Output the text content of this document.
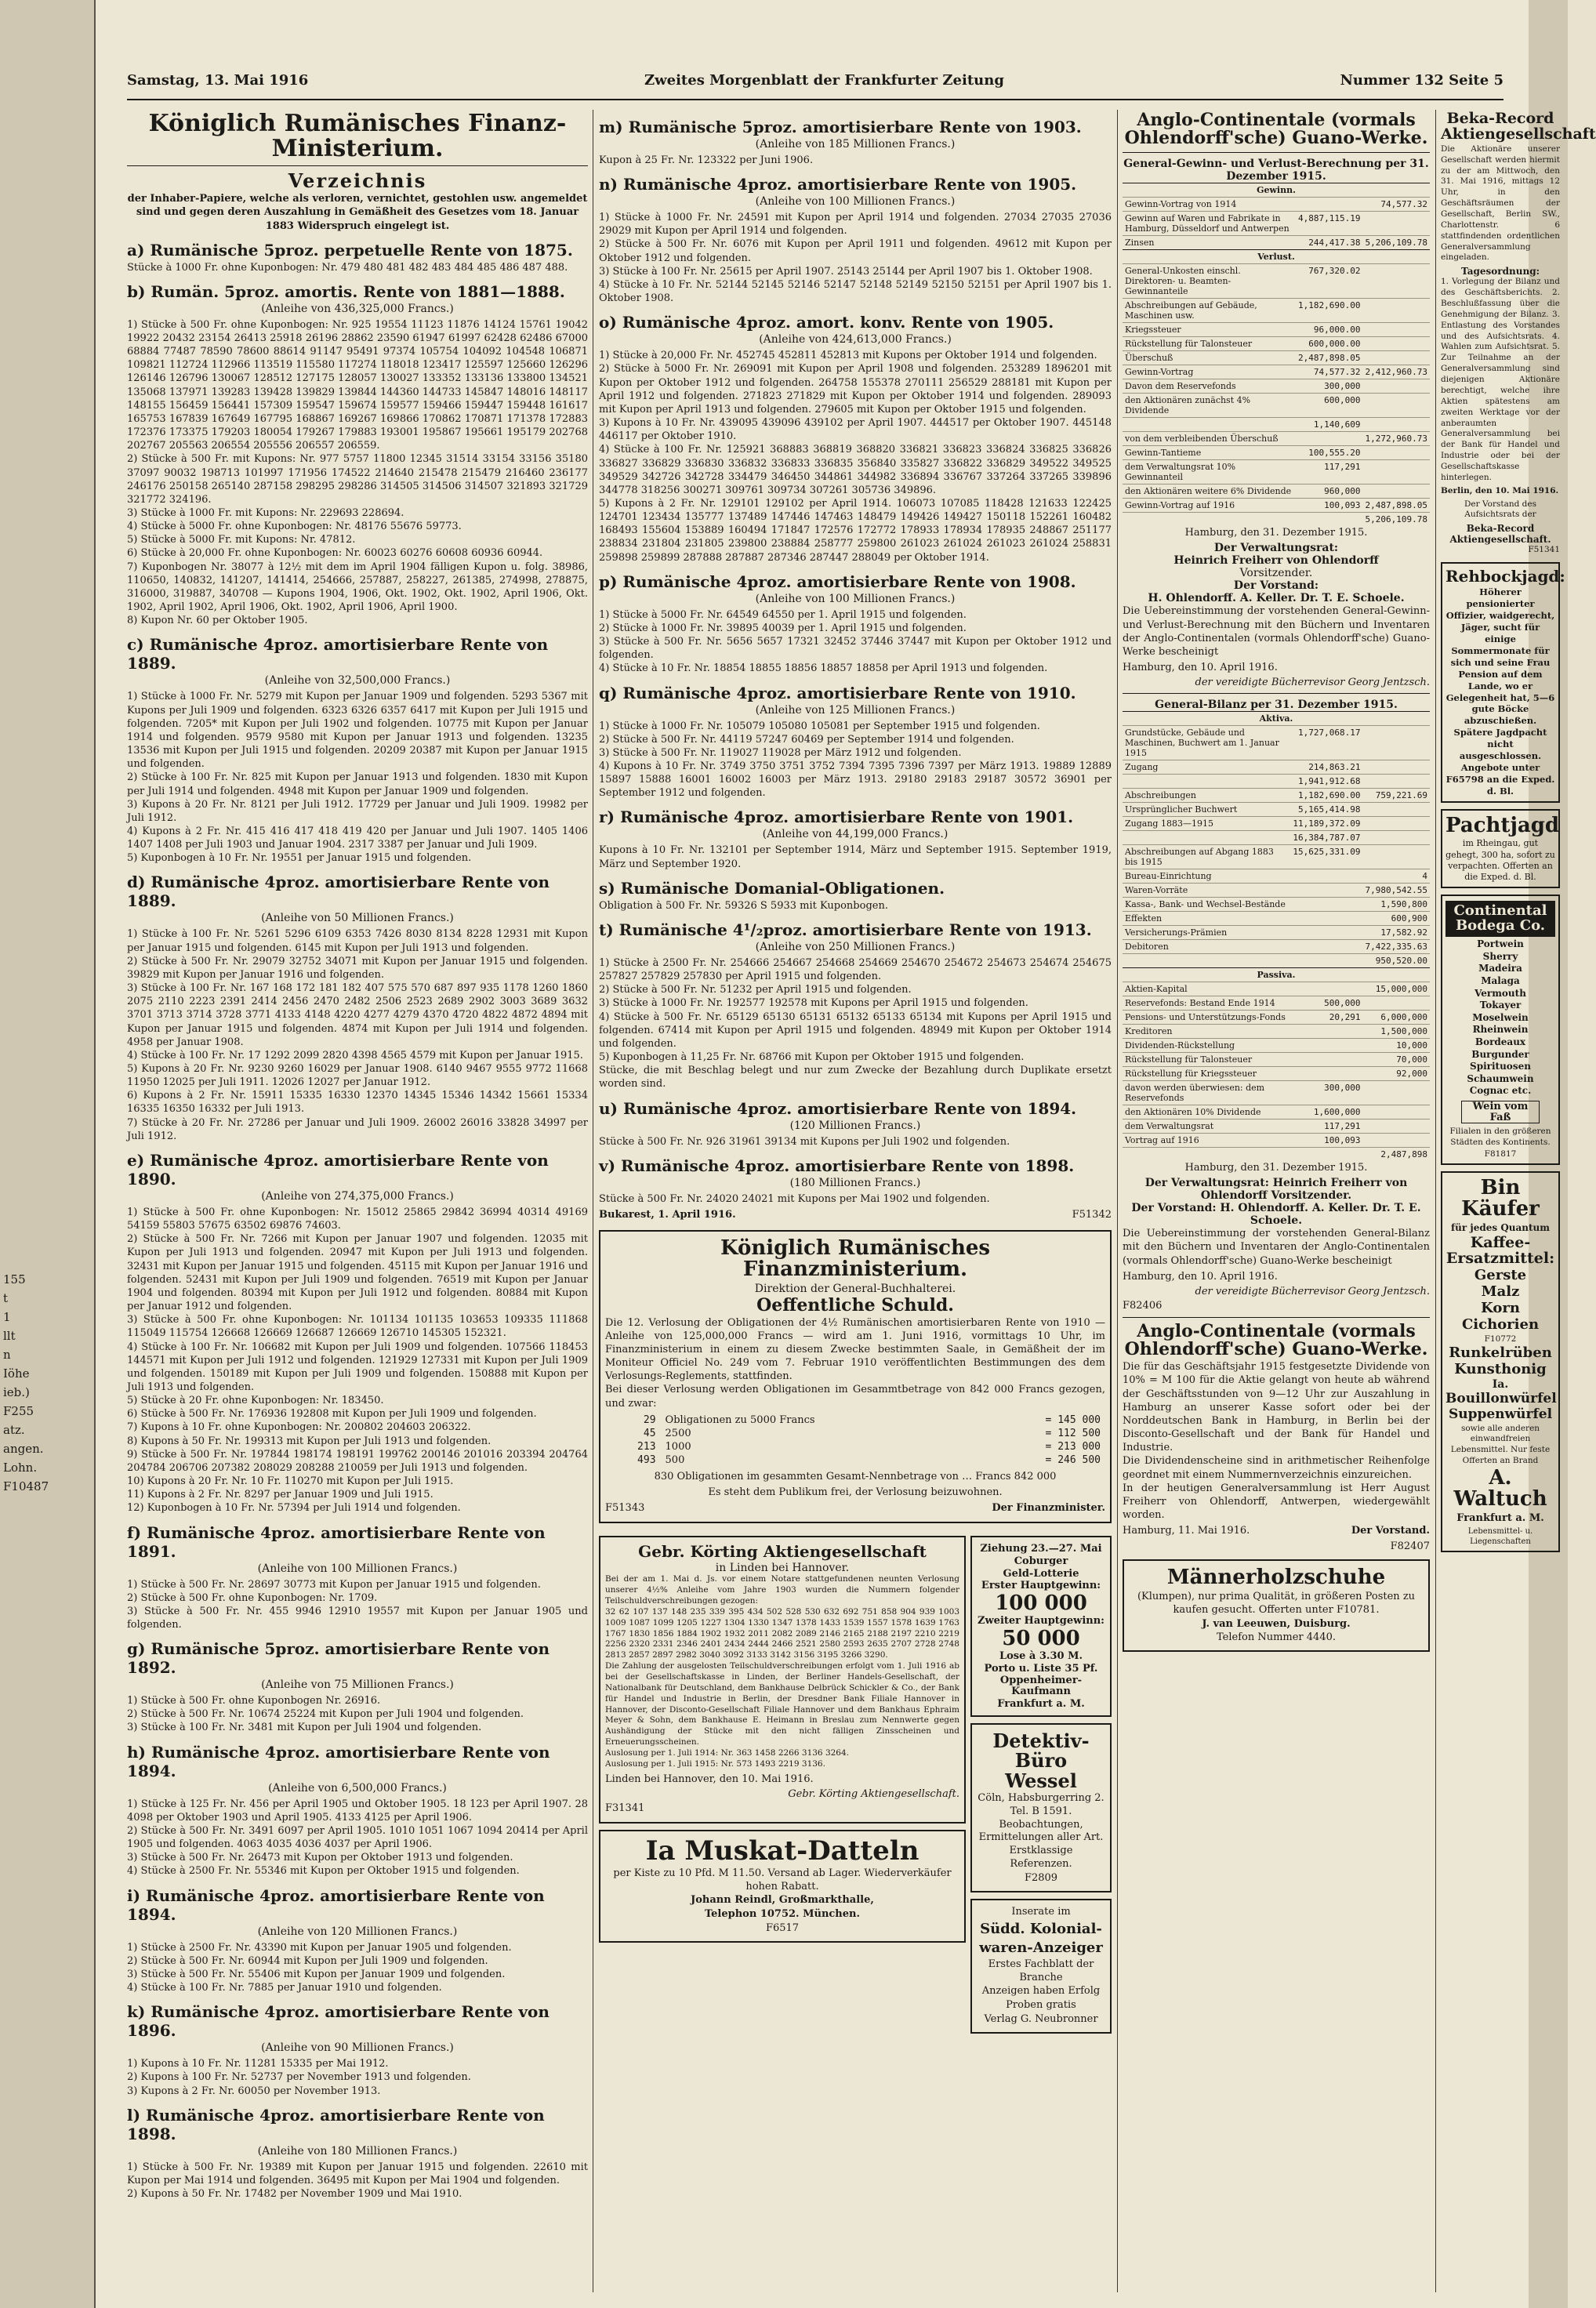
155
t
1
llt
n
Iöhe
ieb.)
F255
atz.
angen.
Lohn.
F10487
Samstag, 13. Mai 1916	Zweites Morgenblatt der Frankfurter Zeitung	Nummer 132 Seite 5
Königlich Rumänisches Finanz-Ministerium.
Verzeichnis

der Inhaber-Papiere, welche als verloren, vernichtet, gestohlen usw. angemeldet sind und gegen deren Auszahlung in Gemäßheit des Gesetzes vom 18. Januar 1883 Widerspruch eingelegt ist.

a) Rumänische 5proz. perpetuelle Rente von 1875.

Stücke à 1000 Fr. ohne Kuponbogen: Nr. 479 480 481 482 483 484 485 486 487 488.

b) Rumän. 5proz. amortis. Rente von 1881—1888.

(Anleihe von 436,325,000 Francs.)

1) Stücke à 500 Fr. ohne Kuponbogen: Nr. 925 19554 11123 11876 14124 15761 19042 19922 20432 23154 26413 25918 26196 28862 23590 61947 61997 62428 62486 67000 68884 77487 78590 78600 88614 91147 95491 97374 105754 104092 104548 106871 109821 112724 112966 113519 115580 117274 118018 123417 125597 125660 126296 126146 126796 130067 128512 127175 128057 130027 133352 133136 133800 134521 135068 137971 139283 139428 139829 139844 144360 144733 145847 148016 148117 148155 156459 156441 157309 159547 159674 159577 159466 159447 159448 161617 165753 167839 167649 167795 168867 169267 169866 170862 170871 171378 172883 172376 173375 179203 180054 179267 179883 193001 195867 195661 195179 202768 202767 205563 206554 205556 206557 206559.
2) Stücke à 500 Fr. mit Kupons: Nr. 977 5757 11800 12345 31514 33154 33156 35180 37097 90032 198713 101997 171956 174522 214640 215478 215479 216460 236177 246176 250158 265140 287158 298295 298286 314505 314506 314507 321893 321729 321772 324196.
3) Stücke à 1000 Fr. mit Kupons: Nr. 229693 228694.
4) Stücke à 5000 Fr. ohne Kuponbogen: Nr. 48176 55676 59773.
5) Stücke à 5000 Fr. mit Kupons: Nr. 47812.
6) Stücke à 20,000 Fr. ohne Kuponbogen: Nr. 60023 60276 60608 60936 60944.
7) Kuponbogen Nr. 38077 à 12½ mit dem im April 1904 fälligen Kupon u. folg. 38986, 110650, 140832, 141207, 141414, 254666, 257887, 258227, 261385, 274998, 278875, 316000, 319887, 340708 — Kupons 1904, 1906, Okt. 1902, Okt. 1902, April 1906, Okt. 1902, April 1902, April 1906, Okt. 1902, April 1906, April 1900.
8) Kupon Nr. 60 per Oktober 1905.

c) Rumänische 4proz. amortisierbare Rente von 1889.

(Anleihe von 32,500,000 Francs.)

1) Stücke à 1000 Fr. Nr. 5279 mit Kupon per Januar 1909 und folgenden. 5293 5367 mit Kupons per Juli 1909 und folgenden. 6323 6326 6357 6417 mit Kupon per Juli 1915 und folgenden. 7205* mit Kupon per Juli 1902 und folgenden. 10775 mit Kupon per Januar 1914 und folgenden. 9579 9580 mit Kupon per Januar 1913 und folgenden. 13235 13536 mit Kupon per Juli 1915 und folgenden. 20209 20387 mit Kupon per Januar 1915 und folgenden.
2) Stücke à 100 Fr. Nr. 825 mit Kupon per Januar 1913 und folgenden. 1830 mit Kupon per Juli 1914 und folgenden. 4948 mit Kupon per Januar 1909 und folgenden.
3) Kupons à 20 Fr. Nr. 8121 per Juli 1912. 17729 per Januar und Juli 1909. 19982 per Juli 1912.
4) Kupons à 2 Fr. Nr. 415 416 417 418 419 420 per Januar und Juli 1907. 1405 1406 1407 1408 per Juli 1903 und Januar 1904. 2317 3387 per Januar und Juli 1909.
5) Kuponbogen à 10 Fr. Nr. 19551 per Januar 1915 und folgenden.

d) Rumänische 4proz. amortisierbare Rente von 1889.

(Anleihe von 50 Millionen Francs.)

1) Stücke à 100 Fr. Nr. 5261 5296 6109 6353 7426 8030 8134 8228 12931 mit Kupon per Januar 1915 und folgenden. 6145 mit Kupon per Juli 1913 und folgenden.
2) Stücke à 500 Fr. Nr. 29079 32752 34071 mit Kupon per Januar 1915 und folgenden. 39829 mit Kupon per Januar 1916 und folgenden.
3) Stücke à 100 Fr. Nr. 167 168 172 181 182 407 575 570 687 897 935 1178 1260 1860 2075 2110 2223 2391 2414 2456 2470 2482 2506 2523 2689 2902 3003 3689 3632 3701 3713 3714 3728 3771 4133 4148 4220 4277 4279 4370 4720 4822 4872 4894 mit Kupon per Januar 1915 und folgenden. 4874 mit Kupon per Juli 1914 und folgenden. 4958 per Januar 1908.
4) Stücke à 100 Fr. Nr. 17 1292 2099 2820 4398 4565 4579 mit Kupon per Januar 1915.
5) Kupons à 20 Fr. Nr. 9230 9260 16029 per Januar 1908. 6140 9467 9555 9772 11668 11950 12025 per Juli 1911. 12026 12027 per Januar 1912.
6) Kupons à 2 Fr. Nr. 15911 15335 16330 12370 14345 15346 14342 15661 15334 16335 16350 16332 per Juli 1913.
7) Stücke à 20 Fr. Nr. 27286 per Januar und Juli 1909. 26002 26016 33828 34997 per Juli 1912.

e) Rumänische 4proz. amortisierbare Rente von 1890.

(Anleihe von 274,375,000 Francs.)

1) Stücke à 500 Fr. ohne Kuponbogen: Nr. 15012 25865 29842 36994 40314 49169 54159 55803 57675 63502 69876 74603.
2) Stücke à 500 Fr. Nr. 7266 mit Kupon per Januar 1907 und folgenden. 12035 mit Kupon per Juli 1913 und folgenden. 20947 mit Kupon per Juli 1913 und folgenden. 32431 mit Kupon per Januar 1915 und folgenden. 45115 mit Kupon per Januar 1916 und folgenden. 52431 mit Kupon per Juli 1909 und folgenden. 76519 mit Kupon per Januar 1904 und folgenden. 80394 mit Kupon per Juli 1912 und folgenden. 80884 mit Kupon per Januar 1912 und folgenden.
3) Stücke à 500 Fr. ohne Kuponbogen: Nr. 101134 101135 103653 109335 111868 115049 115754 126668 126669 126687 126669 126710 145305 152321.
4) Stücke à 100 Fr. Nr. 106682 mit Kupon per Juli 1909 und folgenden. 107566 118453 144571 mit Kupon per Juli 1912 und folgenden. 121929 127331 mit Kupon per Juli 1909 und folgenden. 150189 mit Kupon per Juli 1909 und folgenden. 150888 mit Kupon per Juli 1913 und folgenden.
5) Stücke à 20 Fr. ohne Kuponbogen: Nr. 183450.
6) Stücke à 500 Fr. Nr. 176936 192808 mit Kupon per Juli 1909 und folgenden.
7) Kupons à 10 Fr. ohne Kuponbogen: Nr. 200802 204603 206322.
8) Kupons à 50 Fr. Nr. 199313 mit Kupon per Juli 1913 und folgenden.
9) Stücke à 500 Fr. Nr. 197844 198174 198191 199762 200146 201016 203394 204764 204784 206706 207382 208029 208288 210059 per Juli 1913 und folgenden.
10) Kupons à 20 Fr. Nr. 10 Fr. 110270 mit Kupon per Juli 1915.
11) Kupons à 2 Fr. Nr. 8297 per Januar 1909 und Juli 1915.
12) Kuponbogen à 10 Fr. Nr. 57394 per Juli 1914 und folgenden.

f) Rumänische 4proz. amortisierbare Rente von 1891.

(Anleihe von 100 Millionen Francs.)

1) Stücke à 500 Fr. Nr. 28697 30773 mit Kupon per Januar 1915 und folgenden.
2) Stücke à 500 Fr. ohne Kuponbogen: Nr. 1709.
3) Stücke à 500 Fr. Nr. 455 9946 12910 19557 mit Kupon per Januar 1905 und folgenden.

g) Rumänische 5proz. amortisierbare Rente von 1892.

(Anleihe von 75 Millionen Francs.)

1) Stücke à 500 Fr. ohne Kuponbogen Nr. 26916.
2) Stücke à 500 Fr. Nr. 10674 25224 mit Kupon per Juli 1904 und folgenden.
3) Stücke à 100 Fr. Nr. 3481 mit Kupon per Juli 1904 und folgenden.

h) Rumänische 4proz. amortisierbare Rente von 1894.

(Anleihe von 6,500,000 Francs.)

1) Stücke à 125 Fr. Nr. 456 per April 1905 und Oktober 1905. 18 123 per April 1907. 28 4098 per Oktober 1903 und April 1905. 4133 4125 per April 1906.
2) Stücke à 500 Fr. Nr. 3491 6097 per April 1905. 1010 1051 1067 1094 20414 per April 1905 und folgenden. 4063 4035 4036 4037 per April 1906.
3) Stücke à 500 Fr. Nr. 26473 mit Kupon per Oktober 1913 und folgenden.
4) Stücke à 2500 Fr. Nr. 55346 mit Kupon per Oktober 1915 und folgenden.

i) Rumänische 4proz. amortisierbare Rente von 1894.

(Anleihe von 120 Millionen Francs.)

1) Stücke à 2500 Fr. Nr. 43390 mit Kupon per Januar 1905 und folgenden.
2) Stücke à 500 Fr. Nr. 60944 mit Kupon per Juli 1909 und folgenden.
3) Stücke à 500 Fr. Nr. 55406 mit Kupon per Januar 1909 und folgenden.
4) Stücke à 100 Fr. Nr. 7885 per Januar 1910 und folgenden.

k) Rumänische 4proz. amortisierbare Rente von 1896.

(Anleihe von 90 Millionen Francs.)

1) Kupons à 10 Fr. Nr. 11281 15335 per Mai 1912.
2) Kupons à 100 Fr. Nr. 52737 per November 1913 und folgenden.
3) Kupons à 2 Fr. Nr. 60050 per November 1913.

l) Rumänische 4proz. amortisierbare Rente von 1898.

(Anleihe von 180 Millionen Francs.)

1) Stücke à 500 Fr. Nr. 19389 mit Kupon per Januar 1915 und folgenden. 22610 mit Kupon per Mai 1914 und folgenden. 36495 mit Kupon per Mai 1904 und folgenden.
2) Kupons à 50 Fr. Nr. 17482 per November 1909 und Mai 1910.

m) Rumänische 5proz. amortisierbare Rente von 1903.

(Anleihe von 185 Millionen Francs.)

Kupon à 25 Fr. Nr. 123322 per Juni 1906.

n) Rumänische 4proz. amortisierbare Rente von 1905.

(Anleihe von 100 Millionen Francs.)

1) Stücke à 1000 Fr. Nr. 24591 mit Kupon per April 1914 und folgenden. 27034 27035 27036 29029 mit Kupon per April 1914 und folgenden.
2) Stücke à 500 Fr. Nr. 6076 mit Kupon per April 1911 und folgenden. 49612 mit Kupon per Oktober 1912 und folgenden.
3) Stücke à 100 Fr. Nr. 25615 per April 1907. 25143 25144 per April 1907 bis 1. Oktober 1908.
4) Stücke à 10 Fr. Nr. 52144 52145 52146 52147 52148 52149 52150 52151 per April 1907 bis 1. Oktober 1908.

o) Rumänische 4proz. amort. konv. Rente von 1905.

(Anleihe von 424,613,000 Francs.)

1) Stücke à 20,000 Fr. Nr. 452745 452811 452813 mit Kupons per Oktober 1914 und folgenden.
2) Stücke à 5000 Fr. Nr. 269091 mit Kupon per April 1908 und folgenden. 253289 1896201 mit Kupon per Oktober 1912 und folgenden. 264758 155378 270111 256529 288181 mit Kupon per April 1912 und folgenden. 271823 271829 mit Kupon per Oktober 1914 und folgenden. 289093 mit Kupon per April 1913 und folgenden. 279605 mit Kupon per Oktober 1915 und folgenden.
3) Kupons à 10 Fr. Nr. 439095 439096 439102 per April 1907. 444517 per Oktober 1907. 445148 446117 per Oktober 1910.
4) Stücke à 100 Fr. Nr. 125921 368883 368819 368820 336821 336823 336824 336825 336826 336827 336829 336830 336832 336833 336835 356840 335827 336822 336829 349522 349525 349529 342726 342728 334479 346450 344861 344982 336894 336767 337264 337265 339896 344778 318256 300271 309761 309734 307261 305736 349896.
5) Kupons à 2 Fr. Nr. 129101 129102 per April 1914. 106073 107085 118428 121633 122425 124701 123434 135777 137489 147446 147463 148479 149426 149427 150118 152261 160482 168493 155604 153889 160494 171847 172576 172772 178933 178934 178935 248867 251177 238834 231804 231805 239800 238884 258777 259800 261023 261024 261023 261024 258831 259898 259899 287888 287887 287346 287447 288049 per Oktober 1914.

p) Rumänische 4proz. amortisierbare Rente von 1908.

(Anleihe von 100 Millionen Francs.)

1) Stücke à 5000 Fr. Nr. 64549 64550 per 1. April 1915 und folgenden.
2) Stücke à 1000 Fr. Nr. 39895 40039 per 1. April 1915 und folgenden.
3) Stücke à 500 Fr. Nr. 5656 5657 17321 32452 37446 37447 mit Kupon per Oktober 1912 und folgenden.
4) Stücke à 10 Fr. Nr. 18854 18855 18856 18857 18858 per April 1913 und folgenden.

q) Rumänische 4proz. amortisierbare Rente von 1910.

(Anleihe von 125 Millionen Francs.)

1) Stücke à 1000 Fr. Nr. 105079 105080 105081 per September 1915 und folgenden.
2) Stücke à 500 Fr. Nr. 44119 57247 60469 per September 1914 und folgenden.
3) Stücke à 500 Fr. Nr. 119027 119028 per März 1912 und folgenden.
4) Kupons à 10 Fr. Nr. 3749 3750 3751 3752 7394 7395 7396 7397 per März 1913. 19889 12889 15897 15888 16001 16002 16003 per März 1913. 29180 29183 29187 30572 36901 per September 1912 und folgenden.

r) Rumänische 4proz. amortisierbare Rente von 1901.

(Anleihe von 44,199,000 Francs.)

Kupons à 10 Fr. Nr. 132101 per September 1914, März und September 1915. September 1919, März und September 1920.

s) Rumänische Domanial-Obligationen.

Obligation à 500 Fr. Nr. 59326 S 5933 mit Kuponbogen.

t) Rumänische 4¹/₂proz. amortisierbare Rente von 1913.

(Anleihe von 250 Millionen Francs.)

1) Stücke à 2500 Fr. Nr. 254666 254667 254668 254669 254670 254672 254673 254674 254675 257827 257829 257830 per April 1915 und folgenden.
2) Stücke à 500 Fr. Nr. 51232 per April 1915 und folgenden.
3) Stücke à 1000 Fr. Nr. 192577 192578 mit Kupons per April 1915 und folgenden.
4) Stücke à 500 Fr. Nr. 65129 65130 65131 65132 65133 65134 mit Kupons per April 1915 und folgenden. 67414 mit Kupon per April 1915 und folgenden. 48949 mit Kupon per Oktober 1914 und folgenden.
5) Kuponbogen à 11,25 Fr. Nr. 68766 mit Kupon per Oktober 1915 und folgenden.
Stücke, die mit Beschlag belegt und nur zum Zwecke der Bezahlung durch Duplikate ersetzt worden sind.

u) Rumänische 4proz. amortisierbare Rente von 1894.

(120 Millionen Francs.)

Stücke à 500 Fr. Nr. 926 31961 39134 mit Kupons per Juli 1902 und folgenden.

v) Rumänische 4proz. amortisierbare Rente von 1898.

(180 Millionen Francs.)

Stücke à 500 Fr. Nr. 24020 24021 mit Kupons per Mai 1902 und folgenden.

Bukarest, 1. April 1916.	F51342
Königlich Rumänisches Finanzministerium.

Direktion der General-Buchhalterei.

Oeffentliche Schuld.

Die 12. Verlosung der Obligationen der 4½ Rumänischen amortisierbaren Rente von 1910 — Anleihe von 125,000,000 Francs — wird am 1. Juni 1916, vormittags 10 Uhr, im Finanzministerium in einem zu diesem Zwecke bestimmten Saale, in Gemäßheit der im Moniteur Officiel No. 249 vom 7. Februar 1910 veröffentlichten Bestimmungen des dem Verlosungs-Reglements, stattfinden.
Bei dieser Verlosung werden Obligationen im Gesammtbetrage von 842 000 Francs gezogen, und zwar:

29	Obligationen zu 5000 Francs	= 145 000
45	2500	= 112 500
213	1000	= 213 000
493	500	= 246 500

830 Obligationen im gesammten Gesamt-Nennbetrage von … Francs 842 000

Es steht dem Publikum frei, der Verlosung beizuwohnen.

F51343	Der Finanzminister.
Gebr. Körting Aktiengesellschaft

in Linden bei Hannover.

Bei der am 1. Mai d. Js. vor einem Notare stattgefundenen neunten Verlosung unserer 4½% Anleihe vom Jahre 1903 wurden die Nummern folgender Teilschuldverschreibungen gezogen:
32 62 107 137 148 235 339 395 434 502 528 530 632 692 751 858 904 939 1003 1009 1087 1099 1205 1227 1304 1330 1347 1378 1433 1539 1557 1578 1639 1763 1767 1830 1856 1884 1902 1932 2011 2082 2089 2146 2165 2188 2197 2210 2219 2256 2320 2331 2346 2401 2434 2444 2466 2521 2580 2593 2635 2707 2728 2748 2813 2857 2897 2982 3040 3092 3133 3142 3156 3195 3266 3290.
Die Zahlung der ausgelosten Teilschuldverschreibungen erfolgt vom 1. Juli 1916 ab bei der Gesellschaftskasse in Linden, der Berliner Handels-Gesellschaft, der Nationalbank für Deutschland, dem Bankhause Delbrück Schickler & Co., der Bank für Handel und Industrie in Berlin, der Dresdner Bank Filiale Hannover in Hannover, der Disconto-Gesellschaft Filiale Hannover und dem Bankhaus Ephraim Meyer & Sohn, dem Bankhause E. Heimann in Breslau zum Nennwerte gegen Aushändigung der Stücke mit den nicht fälligen Zinsscheinen und Erneuerungsscheinen.
Auslosung per 1. Juli 1914: Nr. 363 1458 2266 3136 3264.
Auslosung per 1. Juli 1915: Nr. 573 1493 2219 3136.

Linden bei Hannover, den 10. Mai 1916.

Gebr. Körting Aktiengesellschaft.

F31341

Ia Muskat-Datteln

per Kiste zu 10 Pfd. M 11.50. Versand ab Lager. Wiederverkäufer hohen Rabatt.

Johann Reindl, Großmarkthalle,

Telephon 10752. München.

F6517

Ziehung 23.—27. Mai
Coburger
Geld-Lotterie
Erster Hauptgewinn:
100 000
Zweiter Hauptgewinn:
50 000
Lose à 3.30 M.
Porto u. Liste 35 Pf.
Oppenheimer-Kaufmann
Frankfurt a. M.
Detektiv-Büro Wessel

Cöln, Habsburgerring 2. Tel. B 1591. Beobachtungen, Ermittelungen aller Art. Erstklassige Referenzen.

F2809

Inserate im
Südd. Kolonial-
waren-Anzeiger
Erstes Fachblatt der Branche
Anzeigen haben Erfolg
Proben gratis
Verlag G. Neubronner
Anglo-Continentale (vormals Ohlendorff'sche) Guano-Werke.

General-Gewinn- und Verlust-Berechnung per 31. Dezember 1915.

Gewinn.		
Gewinn-Vortrag von 1914		74,577.32
Gewinn auf Waren und Fabrikate in Hamburg, Düsseldorf und Antwerpen	4,887,115.19	
Zinsen	244,417.38	5,206,109.78
Verlust.		
General-Unkosten einschl. Direktoren- u. Beamten-Gewinnanteile	767,320.02	
Abschreibungen auf Gebäude, Maschinen usw.	1,182,690.00	
Kriegssteuer	96,000.00	
Rückstellung für Talonsteuer	600,000.00	
Überschuß	2,487,898.05	
Gewinn-Vortrag	74,577.32	2,412,960.73
Davon dem Reservefonds	300,000	
den Aktionären zunächst 4% Dividende	600,000	
	1,140,609	
von dem verbleibenden Überschuß		1,272,960.73
Gewinn-Tantieme	100,555.20	
dem Verwaltungsrat 10% Gewinnanteil	117,291	
den Aktionären weitere 6% Dividende	960,000	
Gewinn-Vortrag auf 1916	100,093	2,487,898.05
		5,206,109.78

Hamburg, den 31. Dezember 1915.

Der Verwaltungsrat:

Heinrich Freiherr von Ohlendorff

Vorsitzender.

Der Vorstand:

H. Ohlendorff. A. Keller. Dr. T. E. Schoele.

Die Uebereinstimmung der vorstehenden General-Gewinn- und Verlust-Berechnung mit den Büchern und Inventaren der Anglo-Continentalen (vormals Ohlendorff'sche) Guano-Werke bescheinigt

Hamburg, den 10. April 1916.

der vereidigte Bücherrevisor Georg Jentzsch.

General-Bilanz per 31. Dezember 1915.

Aktiva.		
Grundstücke, Gebäude und Maschinen, Buchwert am 1. Januar 1915	1,727,068.17	
Zugang	214,863.21	
	1,941,912.68	
Abschreibungen	1,182,690.00	759,221.69
Ursprünglicher Buchwert	5,165,414.98	
Zugang 1883—1915	11,189,372.09	
	16,384,787.07	
Abschreibungen auf Abgang 1883 bis 1915	15,625,331.09	
Bureau-Einrichtung		4
Waren-Vorräte		7,980,542.55
Kassa-, Bank- und Wechsel-Bestände		1,590,800
Effekten		600,900
Versicherungs-Prämien		17,582.92
Debitoren		7,422,335.63
		950,520.00
Passiva.		
Aktien-Kapital		15,000,000
Reservefonds: Bestand Ende 1914	500,000	
Pensions- und Unterstützungs-Fonds	20,291	6,000,000
Kreditoren		1,500,000
Dividenden-Rückstellung		10,000
Rückstellung für Talonsteuer		70,000
Rückstellung für Kriegssteuer		92,000
davon werden überwiesen: dem Reservefonds	300,000	
den Aktionären 10% Dividende	1,600,000	
dem Verwaltungsrat	117,291	
Vortrag auf 1916	100,093	
		2,487,898

Hamburg, den 31. Dezember 1915.

Der Verwaltungsrat: Heinrich Freiherr von Ohlendorff Vorsitzender.

Der Vorstand: H. Ohlendorff. A. Keller. Dr. T. E. Schoele.

Die Uebereinstimmung der vorstehenden General-Bilanz mit den Büchern und Inventaren der Anglo-Continentalen (vormals Ohlendorff'sche) Guano-Werke bescheinigt

Hamburg, den 10. April 1916.

der vereidigte Bücherrevisor Georg Jentzsch.

F82406

Anglo-Continentale (vormals Ohlendorff'sche) Guano-Werke.

Die für das Geschäftsjahr 1915 festgesetzte Dividende von 10% = M 100 für die Aktie gelangt von heute ab während der Geschäftsstunden von 9—12 Uhr zur Auszahlung in Hamburg an unserer Kasse sofort oder bei der Norddeutschen Bank in Hamburg, in Berlin bei der Disconto-Gesellschaft und der Bank für Handel und Industrie.
Die Dividendenscheine sind in arithmetischer Reihenfolge geordnet mit einem Nummernverzeichnis einzureichen.
In der heutigen Generalversammlung ist Herr August Freiherr von Ohlendorff, Antwerpen, wiedergewählt worden.

Hamburg, 11. Mai 1916.	Der Vorstand.

F82407

Männerholzschuhe

(Klumpen), nur prima Qualität, in größeren Posten zu kaufen gesucht. Offerten unter F10781.

J. van Leeuwen, Duisburg.

Telefon Nummer 4440.

Beka-Record Aktiengesellschaft

Die Aktionäre unserer Gesellschaft werden hiermit zu der am Mittwoch, den 31. Mai 1916, mittags 12 Uhr, in den Geschäftsräumen der Gesellschaft, Berlin SW., Charlottenstr. 6 stattfindenden ordentlichen Generalversammlung eingeladen.

Tagesordnung:

1. Vorlegung der Bilanz und des Geschäftsberichts. 2. Beschlußfassung über die Genehmigung der Bilanz. 3. Entlastung des Vorstandes und des Aufsichtsrats. 4. Wahlen zum Aufsichtsrat. 5. Zur Teilnahme an der Generalversammlung sind diejenigen Aktionäre berechtigt, welche ihre Aktien spätestens am zweiten Werktage vor der anberaumten Generalversammlung bei der Bank für Handel und Industrie oder bei der Gesellschaftskasse hinterlegen.

Berlin, den 10. Mai 1916.

Der Vorstand des Aufsichtsrats der

Beka-Record Aktiengesellschaft.

F51341

Rehbockjagd:

Höherer pensionierter Offizier, waidgerecht, Jäger, sucht für einige Sommermonate für sich und seine Frau Pension auf dem Lande, wo er Gelegenheit hat, 5—6 gute Böcke abzuschießen. Spätere Jagdpacht nicht ausgeschlossen. Angebote unter F65798 an die Exped. d. Bl.

Pachtjagd

im Rheingau, gut gehegt, 300 ha, sofort zu verpachten. Offerten an die Exped. d. Bl.

Continental Bodega Co.
Portwein
Sherry
Madeira
Malaga
Vermouth
Tokayer
Moselwein
Rheinwein
Bordeaux
Burgunder
Spirituosen
Schaumwein
Cognac etc.
Wein vom Faß

Filialen in den größeren Städten des Kontinents.

F81817

Bin Käufer

für jedes Quantum

Kaffee-Ersatzmittel:
Gerste
Malz
Korn
Cichorien

F10772

Runkelrüben
Kunsthonig
Ia.
Bouillonwürfel
Suppenwürfel

sowie alle anderen einwandfreien Lebensmittel. Nur feste Offerten an Brand

A. Waltuch

Frankfurt a. M.

Lebensmittel- u. Liegenschaften
